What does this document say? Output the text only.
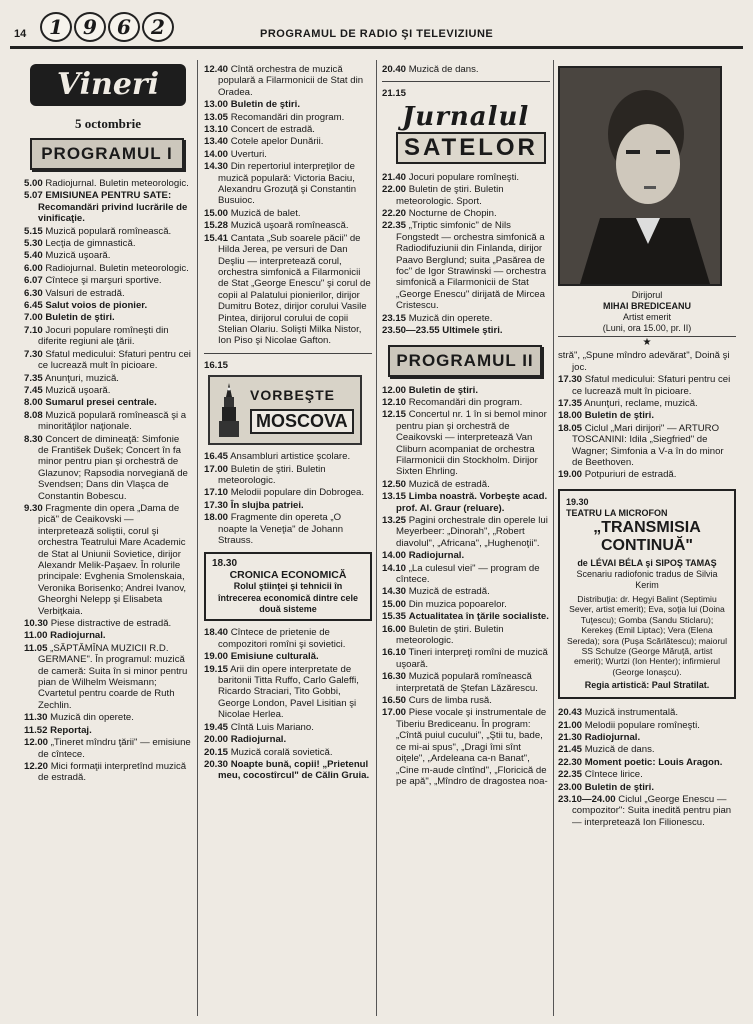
14	1	9	6	2	PROGRAMUL DE RADIO ŞI TELEVIZIUNE
Vineri
5 octombrie
PROGRAMUL I
5.00 Radiojurnal. Buletin meteorologic.
5.07 EMISIUNEA PENTRU SATE: Recomandări privind lucrările de vinificaţie.
5.15 Muzică populară romînească.
5.30 Lecţia de gimnastică.
5.40 Muzică uşoară.
6.00 Radiojurnal. Buletin meteorologic.
6.07 Cîntece şi marşuri sportive.
6.30 Valsuri de estradă.
6.45 Salut voios de pionier.
7.00 Buletin de ştiri.
7.10 Jocuri populare romîneşti din diferite regiuni ale ţării.
7.30 Sfatul medicului: Sfaturi pentru cei ce lucrează mult în picioare.
7.35 Anunţuri, muzică.
7.45 Muzică uşoară.
8.00 Sumarul presei centrale.
8.08 Muzică populară romînească şi a minorităţilor naţionale.
8.30 Concert de dimineaţă: Simfonie de František Dušek; Concert în fa minor pentru pian şi orchestră de Glazunov; Rapsodia norvegiană de Svendsen; Dans din Vlaşca de Constantin Bobescu.
9.30 Fragmente din opera „Dama de pică" de Ceaikovski — interpretează soliştii, corul şi orchestra Teatrului Mare Academic de Stat al Uniunii Sovietice, dirijor Alexandr Melik-Paşaev. În rolurile principale: Evghenia Smolenskaia, Veronika Borisenko; Andrei Ivanov, Gheorghi Nelepp şi Elisabeta Verbiţkaia.
10.30 Piese distractive de estradă.
11.00 Radiojurnal.
11.05 „SĂPTĂMÎNA MUZICII R.D. GERMANE". În programul: muzică de cameră: Suita în si minor pentru pian de Wilhelm Weismann; Cvartetul pentru coarde de Ruth Zechlin.
11.30 Muzică din operete.
11.52 Reportaj.
12.00 „Tineret mîndru ţării" — emisiune de cîntece.
12.20 Mici formaţii interpretînd muzică de estradă.
12.40 Cîntă orchestra de muzică populară a Filarmonicii de Stat din Oradea.
13.00 Buletin de ştiri.
13.05 Recomandări din program.
13.10 Concert de estradă.
13.40 Cotele apelor Dunării.
14.00 Uverturi.
14.30 Din repertoriul interpreţilor de muzică populară: Victoria Baciu, Alexandru Grozuţă şi Constantin Busuioc.
15.00 Muzică de balet.
15.28 Muzică uşoară romînească.
15.41 Cantata „Sub soarele păcii" de Hilda Jerea, pe versuri de Dan Deşliu — interpretează corul, orchestra simfonică a Filarmonicii de Stat „George Enescu" şi corul de copii al Palatului pionierilor, dirijor Dumitru Botez, dirijor corului Vasile Pintea, dirijorul corului de copii Stelian Olariu. Solişti Milka Nistor, Ion Piso şi Nicolae Gafton.
16.15
VORBEŞTE
MOSCOVA
16.45 Ansambluri artistice şcolare.
17.00 Buletin de ştiri. Buletin meteorologic.
17.10 Melodii populare din Dobrogea.
17.30 În slujba patriei.
18.00 Fragmente din opereta „O noapte la Veneţia" de Johann Strauss.
18.30
CRONICA ECONOMICĂ
Rolul ştiinţei şi tehnicii în întrecerea economică dintre cele două sisteme
18.40 Cîntece de prietenie de compozitori romîni şi sovietici.
19.00 Emisiune culturală.
19.15 Arii din opere interpretate de baritonii Titta Ruffo, Carlo Galeffi, Ricardo Straciari, Tito Gobbi, George London, Pavel Lisitian şi Nicolae Herlea.
19.45 Cîntă Luis Mariano.
20.00 Radiojurnal.
20.15 Muzică corală sovietică.
20.30 Noapte bună, copii! „Prietenul meu, cocostîrcul" de Călin Gruia.
20.40 Muzică de dans.
21.15
Jurnalul
SATELOR
21.40 Jocuri populare romîneşti.
22.00 Buletin de ştiri. Buletin meteorologic. Sport.
22.20 Nocturne de Chopin.
22.35 „Triptic simfonic" de Nils Fongstedt — orchestra simfonică a Radiodifuziunii din Finlanda, dirijor Paavo Berglund; suita „Pasărea de foc" de Igor Strawinski — orchestra simfonică a Filarmonicii de Stat „George Enescu" dirijată de Mircea Cristescu.
23.15 Muzică din operete.
23.50—23.55 Ultimele ştiri.
PROGRAMUL II
12.00 Buletin de ştiri.
12.10 Recomandări din program.
12.15 Concertul nr. 1 în si bemol minor pentru pian şi orchestră de Ceaikovski — interpretează Van Cliburn acompaniat de orchestra Filarmonicii din Stockholm. Dirijor Sixten Ehrling.
12.50 Muzică de estradă.
13.15 Limba noastră. Vorbeşte acad. prof. Al. Graur (reluare).
13.25 Pagini orchestrale din operele lui Meyerbeer: „Dinorah", „Robert diavolul", „Africana", „Hughenoţii".
14.00 Radiojurnal.
14.10 „La culesul viei" — program de cîntece.
14.30 Muzică de estradă.
15.00 Din muzica popoarelor.
15.35 Actualitatea în ţările socialiste.
16.00 Buletin de ştiri. Buletin meteorologic.
16.10 Tineri interpreţi romîni de muzică uşoară.
16.30 Muzică populară romînească interpretată de Ştefan Lăzărescu.
16.50 Curs de limba rusă.
17.00 Piese vocale şi instrumentale de Tiberiu Brediceanu. În program: „Cîntă puiul cucului", „Ştii tu, bade, ce mi-ai spus", „Dragi îmi sînt oiţele", „Ardeleana ca-n Banat", „Cine m-aude cîntînd", „Floricică de pe apă", „Mîndro de dragostea noa-
Dirijorul
MIHAI BREDICEANU
Artist emerit
(Luni, ora 15.00, pr. II)
★
stră", „Spune mîndro adevărat", Doină şi joc.
17.30 Sfatul medicului: Sfaturi pentru cei ce lucrează mult în picioare.
17.35 Anunţuri, reclame, muzică.
18.00 Buletin de ştiri.
18.05 Ciclul „Mari dirijori" — ARTURO TOSCANINI: Idila „Siegfried" de Wagner; Simfonia a V-a în do minor de Beethoven.
19.00 Potpuriuri de estradă.
19.30
TEATRU LA MICROFON
„TRANSMISIA
CONTINUĂ"
de LÉVAI BÉLA şi SIPOŞ TAMAŞ
Scenariu radiofonic tradus de Silvia Kerim
Distribuţia: dr. Hegyi Balint (Septimiu Sever, artist emerit); Eva, soţia lui (Doina Tuţescu); Gomba (Sandu Sticlaru); Kerekeş (Emil Liptac); Vera (Elena Sereda); sora (Puşa Scărlătescu); maiorul SS Schulze (George Măruţă, artist emerit); Wurtzi (Ion Henter); infirmierul (George Ionaşcu).
Regia artistică: Paul Stratilat.
20.43 Muzică instrumentală.
21.00 Melodii populare romîneşti.
21.30 Radiojurnal.
21.45 Muzică de dans.
22.30 Moment poetic: Louis Aragon.
22.35 Cîntece lirice.
23.00 Buletin de ştiri.
23.10—24.00 Ciclul „George Enescu — compozitor": Suita inedită pentru pian — interpretează Ion Filionescu.
